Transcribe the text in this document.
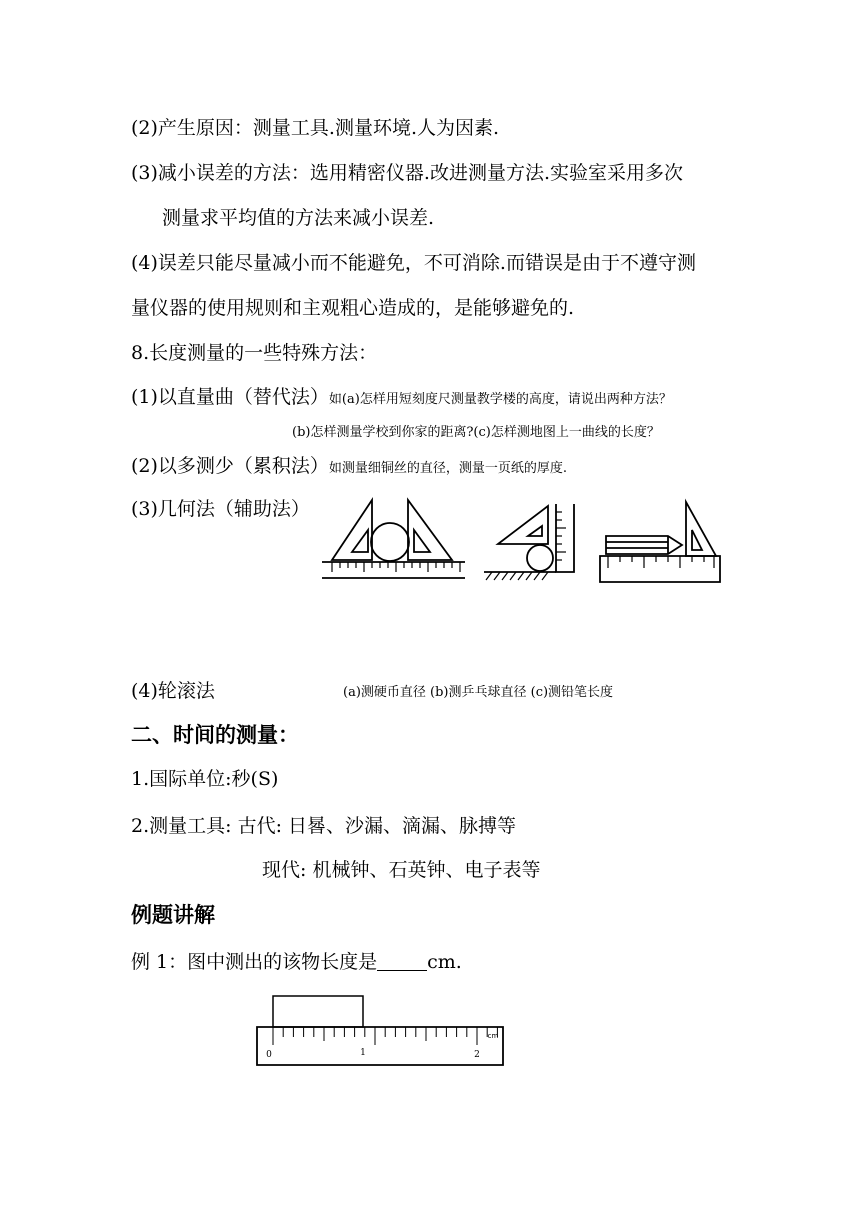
(2)产生原因：测量工具.测量环境.人为因素.
(3)减小误差的方法：选用精密仪器.改进测量方法.实验室采用多次
测量求平均值的方法来减小误差.
(4)误差只能尽量减小而不能避免，不可消除.而错误是由于不遵守测
量仪器的使用规则和主观粗心造成的，是能够避免的.
8.长度测量的一些特殊方法：
(1)以直量曲（替代法）如(a)怎样用短刻度尺测量教学楼的高度，请说出两种方法？
(b)怎样测量学校到你家的距离?(c)怎样测地图上一曲线的长度？
(2)以多测少（累积法）如测量细铜丝的直径，测量一页纸的厚度.
(3)几何法（辅助法）
(4)轮滚法	(a)测硬币直径 (b)测乒乓球直径 (c)测铅笔长度
二、时间的测量：
1.国际单位:秒(S)
2.测量工具: 古代: 日晷、沙漏、滴漏、脉搏等
现代: 机械钟、石英钟、电子表等
例题讲解
例 1：图中测出的该物长度是	cm.
0	1	2
cm
